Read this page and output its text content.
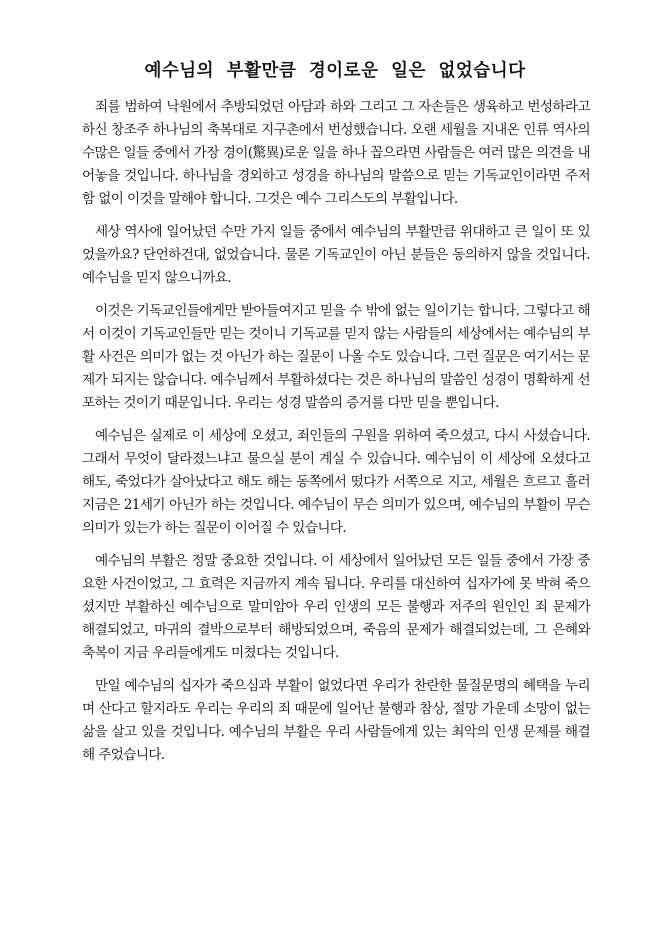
예수님의 부활만큼 경이로운 일은 없었습니다

죄를 범하여 낙원에서 추방되었던 아담과 하와 그리고 그 자손들은 생육하고 번성하라고 하신 창조주 하나님의 축복대로 지구촌에서 번성했습니다. 오랜 세월을 지내온 인류 역사의 수많은 일들 중에서 가장 경이(驚異)로운 일을 하나 꼽으라면 사람들은 여러 많은 의견을 내어놓을 것입니다. 하나님을 경외하고 성경을 하나님의 말씀으로 믿는 기독교인이라면 주저함 없이 이것을 말해야 합니다. 그것은 예수 그리스도의 부활입니다.

세상 역사에 일어났던 수만 가지 일들 중에서 예수님의 부활만큼 위대하고 큰 일이 또 있었을까요? 단언하건대, 없었습니다. 물론 기독교인이 아닌 분들은 동의하지 않을 것입니다. 예수님을 믿지 않으니까요.

이것은 기독교인들에게만 받아들여지고 믿을 수 밖에 없는 일이기는 합니다. 그렇다고 해서 이것이 기독교인들만 믿는 것이니 기독교를 믿지 않는 사람들의 세상에서는 예수님의 부활 사건은 의미가 없는 것 아닌가 하는 질문이 나올 수도 있습니다. 그런 질문은 여기서는 문제가 되지는 않습니다. 예수님께서 부활하셨다는 것은 하나님의 말씀인 성경이 명확하게 선포하는 것이기 때문입니다. 우리는 성경 말씀의 증거를 다만 믿을 뿐입니다.

예수님은 실제로 이 세상에 오셨고, 죄인들의 구원을 위하여 죽으셨고, 다시 사셨습니다. 그래서 무엇이 달라졌느냐고 물으실 분이 계실 수 있습니다. 예수님이 이 세상에 오셨다고 해도, 죽었다가 살아났다고 해도 해는 동쪽에서 떴다가 서쪽으로 지고, 세월은 흐르고 흘러 지금은 21세기 아닌가 하는 것입니다. 예수님이 무슨 의미가 있으며, 예수님의 부활이 무슨 의미가 있는가 하는 질문이 이어질 수 있습니다.

예수님의 부활은 정말 중요한 것입니다. 이 세상에서 일어났던 모든 일들 중에서 가장 중요한 사건이었고, 그 효력은 지금까지 계속 됩니다. 우리를 대신하여 십자가에 못 박혀 죽으셨지만 부활하신 예수님으로 말미암아 우리 인생의 모든 불행과 저주의 원인인 죄 문제가 해결되었고, 마귀의 결박으로부터 해방되었으며, 죽음의 문제가 해결되었는데, 그 은혜와 축복이 지금 우리들에게도 미쳤다는 것입니다.

만일 예수님의 십자가 죽으심과 부활이 없었다면 우리가 찬란한 물질문명의 혜택을 누리며 산다고 할지라도 우리는 우리의 죄 때문에 일어난 불행과 참상, 절망 가운데 소망이 없는 삶을 살고 있을 것입니다. 예수님의 부활은 우리 사람들에게 있는 최악의 인생 문제를 해결해 주었습니다.
